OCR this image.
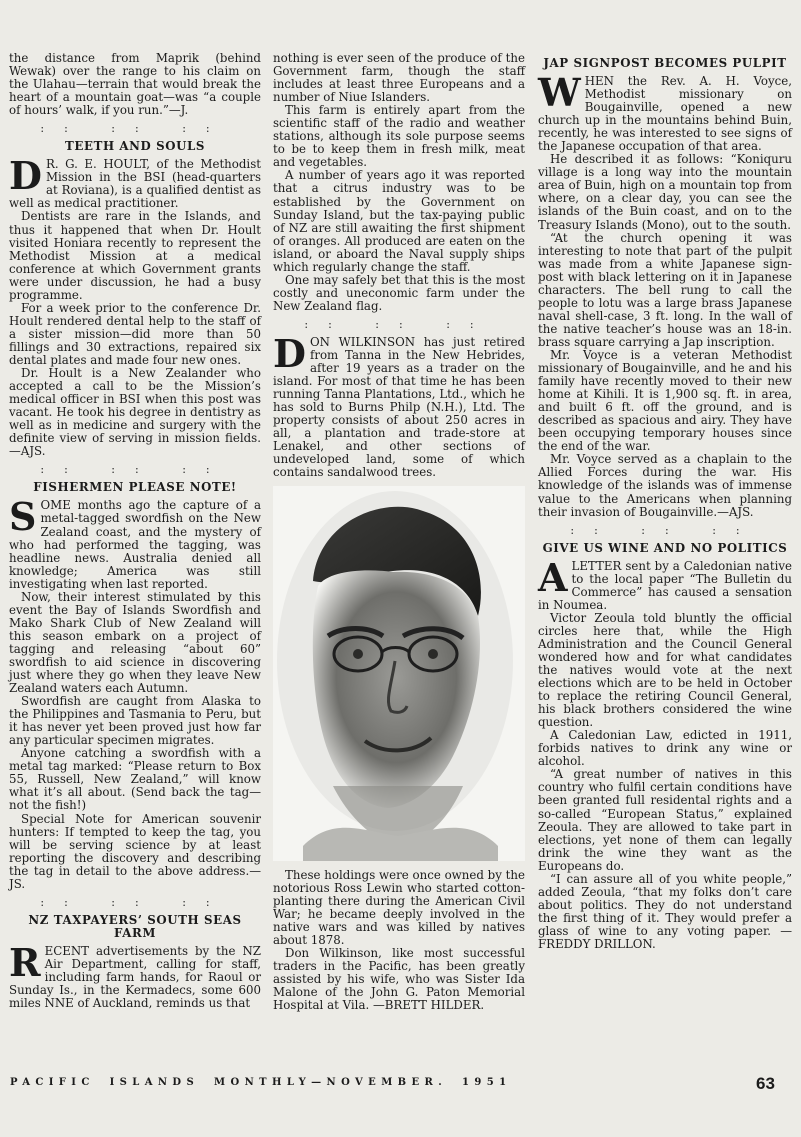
the distance from Maprik (behind Wewak) over the range to his claim on the Ulahau—terrain that would break the heart of a mountain goat—was “a couple of hours’ walk, if you run.”—J.

:: :: ::
TEETH AND SOULS

D R. G. E. HOULT, of the Methodist Mission in the BSI (head-quarters at Roviana), is a qualified dentist as well as medical practitioner.

Dentists are rare in the Islands, and thus it happened that when Dr. Hoult visited Honiara recently to represent the Methodist Mission at a medical conference at which Government grants were under discussion, he had a busy programme.

For a week prior to the conference Dr. Hoult rendered dental help to the staff of a sister mission—did more than 50 fillings and 30 extractions, repaired six dental plates and made four new ones.

Dr. Hoult is a New Zealander who accepted a call to be the Mission’s medical officer in BSI when this post was vacant. He took his degree in dentistry as well as in medicine and surgery with the definite view of serving in mission fields.—AJS.

:: :: ::
FISHERMEN PLEASE NOTE!

SOME months ago the capture of a metal-tagged swordfish on the New Zealand coast, and the mystery of who had performed the tagging, was headline news. Australia denied all knowledge; America was still investigating when last reported.

Now, their interest stimulated by this event the Bay of Islands Swordfish and Mako Shark Club of New Zealand will this season embark on a project of tagging and releasing “about 60” swordfish to aid science in discovering just where they go when they leave New Zealand waters each Autumn.

Swordfish are caught from Alaska to the Philippines and Tasmania to Peru, but it has never yet been proved just how far any particular specimen migrates.

Anyone catching a swordfish with a metal tag marked: “Please return to Box 55, Russell, New Zealand,” will know what it’s all about. (Send back the tag—not the fish!)

Special Note for American souvenir hunters: If tempted to keep the tag, you will be serving science by at least reporting the discovery and describing the tag in detail to the above address.—JS.

:: :: ::
NZ TAXPAYERS’ SOUTH SEAS FARM

RECENT advertisements by the NZ Air Department, calling for staff, including farm hands, for Raoul or Sunday Is., in the Kermadecs, some 600 miles NNE of Auckland, reminds us that

nothing is ever seen of the produce of the Government farm, though the staff includes at least three Europeans and a number of Niue Islanders.

This farm is entirely apart from the scientific staff of the radio and weather stations, although its sole purpose seems to be to keep them in fresh milk, meat and vegetables.

A number of years ago it was reported that a citrus industry was to be established by the Government on Sunday Island, but the tax-paying public of NZ are still awaiting the first shipment of oranges. All produced are eaten on the island, or aboard the Naval supply ships which regularly change the staff.

One may safely bet that this is the most costly and uneconomic farm under the New Zealand flag.

:: :: ::

DON WILKINSON has just retired from Tanna in the New Hebrides, after 19 years as a trader on the island. For most of that time he has been running Tanna Plantations, Ltd., which he has sold to Burns Philp (N.H.), Ltd. The property consists of about 250 acres in all, a plantation and trade-store at Lenakel, and other sections of undeveloped land, some of which contains sandalwood trees.

These holdings were once owned by the notorious Ross Lewin who started cotton-planting there during the American Civil War; he became deeply involved in the native wars and was killed by natives about 1878.

Don Wilkinson, like most successful traders in the Pacific, has been greatly assisted by his wife, who was Sister Ida Malone of the John G. Paton Memorial Hospital at Vila. —BRETT HILDER.

JAP SIGNPOST BECOMES PULPIT

WHEN the Rev. A. H. Voyce, Methodist missionary on Bougainville, opened a new church up in the mountains behind Buin, recently, he was interested to see signs of the Japanese occupation of that area.

He described it as follows: “Koniquru village is a long way into the mountain area of Buin, high on a mountain top from where, on a clear day, you can see the islands of the Buin coast, and on to the Treasury Islands (Mono), out to the south.

“At the church opening it was interesting to note that part of the pulpit was made from a white Japanese sign-post with black lettering on it in Japanese characters. The bell rung to call the people to lotu was a large brass Japanese naval shell-case, 3 ft. long. In the wall of the native teacher’s house was an 18-in. brass square carrying a Jap inscription.

Mr. Voyce is a veteran Methodist missionary of Bougainville, and he and his family have recently moved to their new home at Kihili. It is 1,900 sq. ft. in area, and built 6 ft. off the ground, and is described as spacious and airy. They have been occupying temporary houses since the end of the war.

Mr. Voyce served as a chaplain to the Allied Forces during the war. His knowledge of the islands was of immense value to the Americans when planning their invasion of Bougainville.—AJS.

:: :: ::
GIVE US WINE AND NO POLITICS

ALETTER sent by a Caledonian native to the local paper “The Bulletin du Commerce” has caused a sensation in Noumea.

Victor Zeoula told bluntly the official circles here that, while the High Administration and the Council General wondered how and for what candidates the natives would vote at the next elections which are to be held in October to replace the retiring Council General, his black brothers considered the wine question.

A Caledonian Law, edicted in 1911, forbids natives to drink any wine or alcohol.

“A great number of natives in this country who fulfil certain conditions have been granted full residental rights and a so-called “European Status,” explained Zeoula. They are allowed to take part in elections, yet none of them can legally drink the wine they want as the Europeans do.

“I can assure all of you white people,” added Zeoula, “that my folks don’t care about politics. They do not understand the first thing of it. They would prefer a glass of wine to any voting paper. —FREDDY DRILLON.

PACIFIC ISLANDS MONTHLY—NOVEMBER. 1951	63
